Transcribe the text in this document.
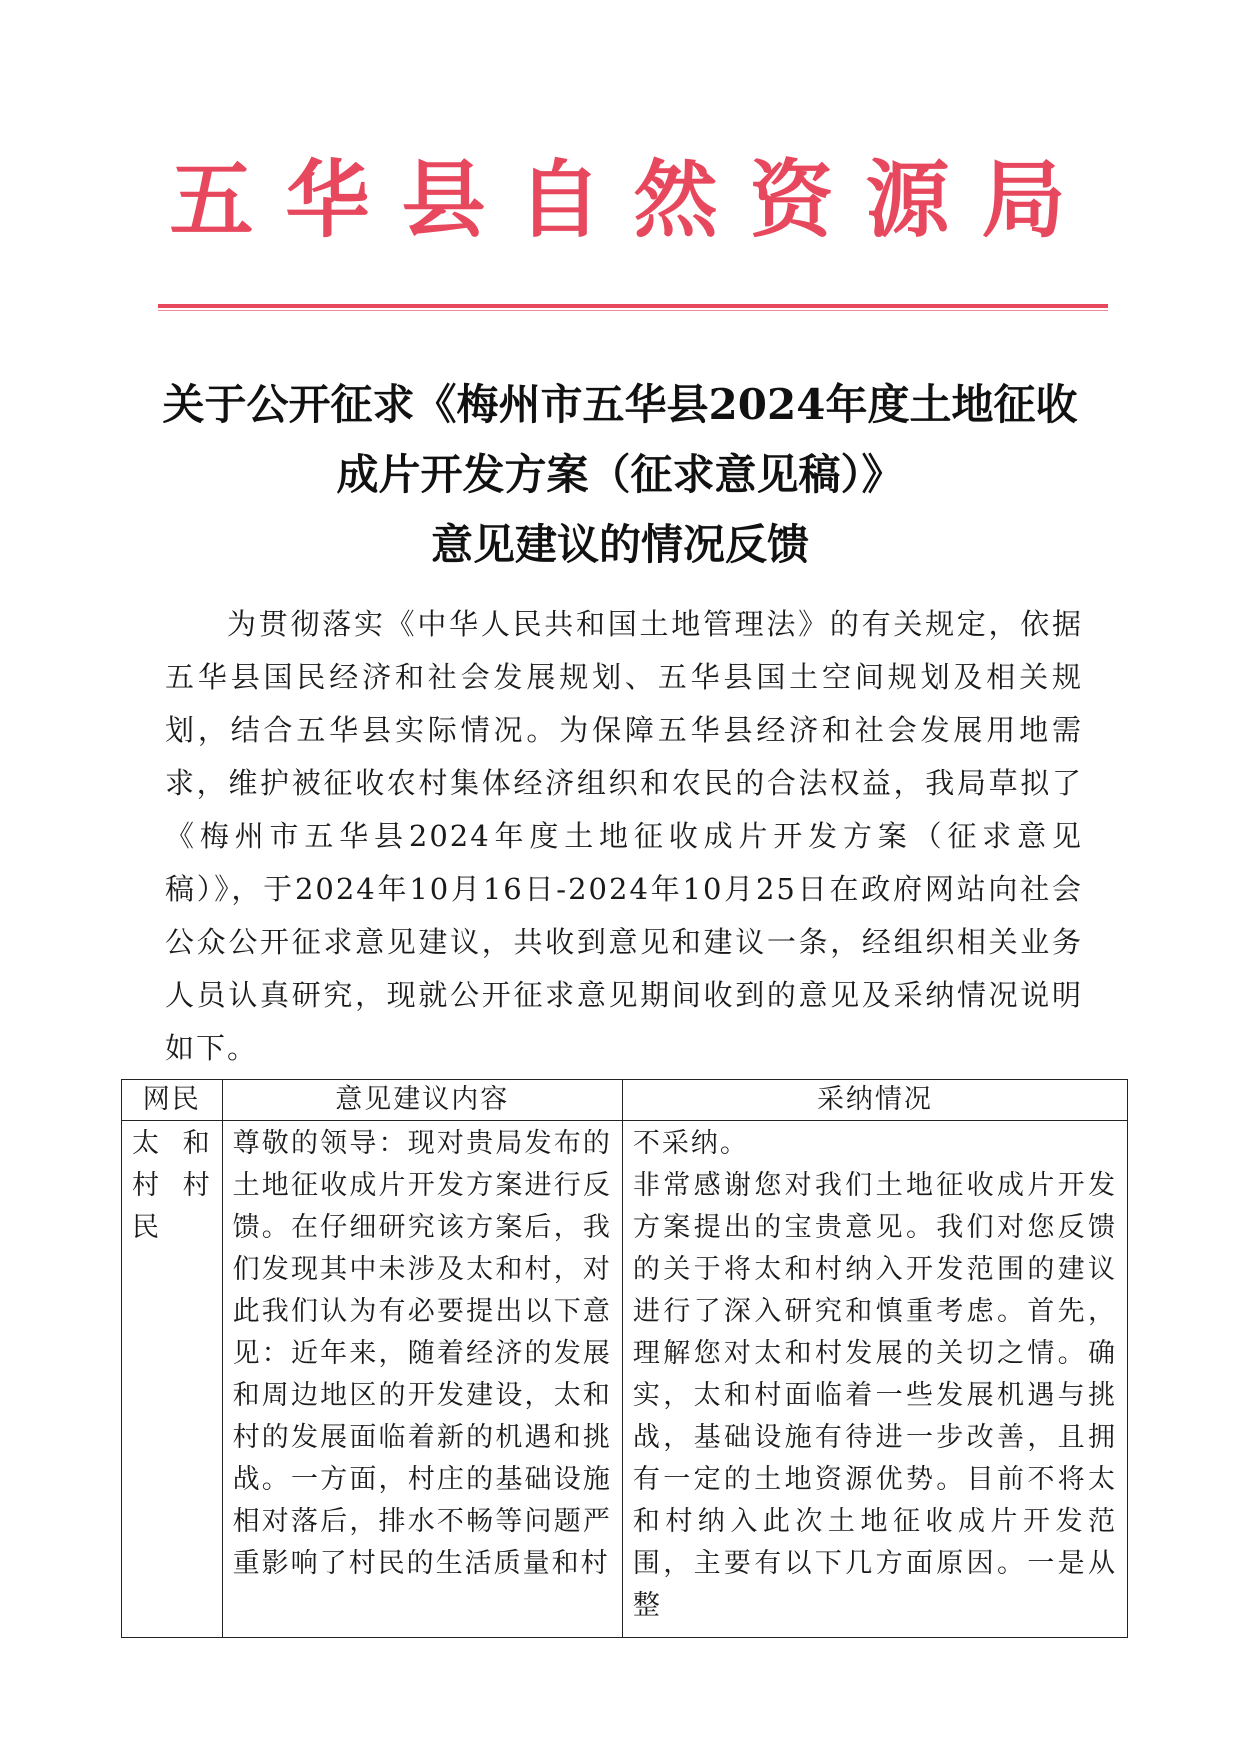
五华县自然资源局
关于公开征求《梅州市五华县2024年度土地征收
成片开发方案（征求意见稿）》
意见建议的情况反馈

为贯彻落实《中华人民共和国土地管理法》的有关规定，依据五华县国民经济和社会发展规划、五华县国土空间规划及相关规划，结合五华县实际情况。为保障五华县经济和社会发展用地需求，维护被征收农村集体经济组织和农民的合法权益，我局草拟了《梅州市五华县2024年度土地征收成片开发方案（征求意见稿）》，于2024年10月16日-2024年10月25日在政府网站向社会公众公开征求意见建议，共收到意见和建议一条，经组织相关业务人员认真研究，现就公开征求意见期间收到的意见及采纳情况说明如下。

网民	意见建议内容	采纳情况
太和村村民	尊敬的领导：现对贵局发布的土地征收成片开发方案进行反馈。在仔细研究该方案后，我们发现其中未涉及太和村，对此我们认为有必要提出以下意见：近年来，随着经济的发展和周边地区的开发建设，太和村的发展面临着新的机遇和挑战。一方面，村庄的基础设施相对落后，排水不畅等问题严重影响了村民的生活质量和村	不采纳。
非常感谢您对我们土地征收成片开发方案提出的宝贵意见。我们对您反馈的关于将太和村纳入开发范围的建议进行了深入研究和慎重考虑。首先，理解您对太和村发展的关切之情。确实，太和村面临着一些发展机遇与挑战，基础设施有待进一步改善，且拥有一定的土地资源优势。目前不将太和村纳入此次土地征收成片开发范围，主要有以下几方面原因。一是从整
